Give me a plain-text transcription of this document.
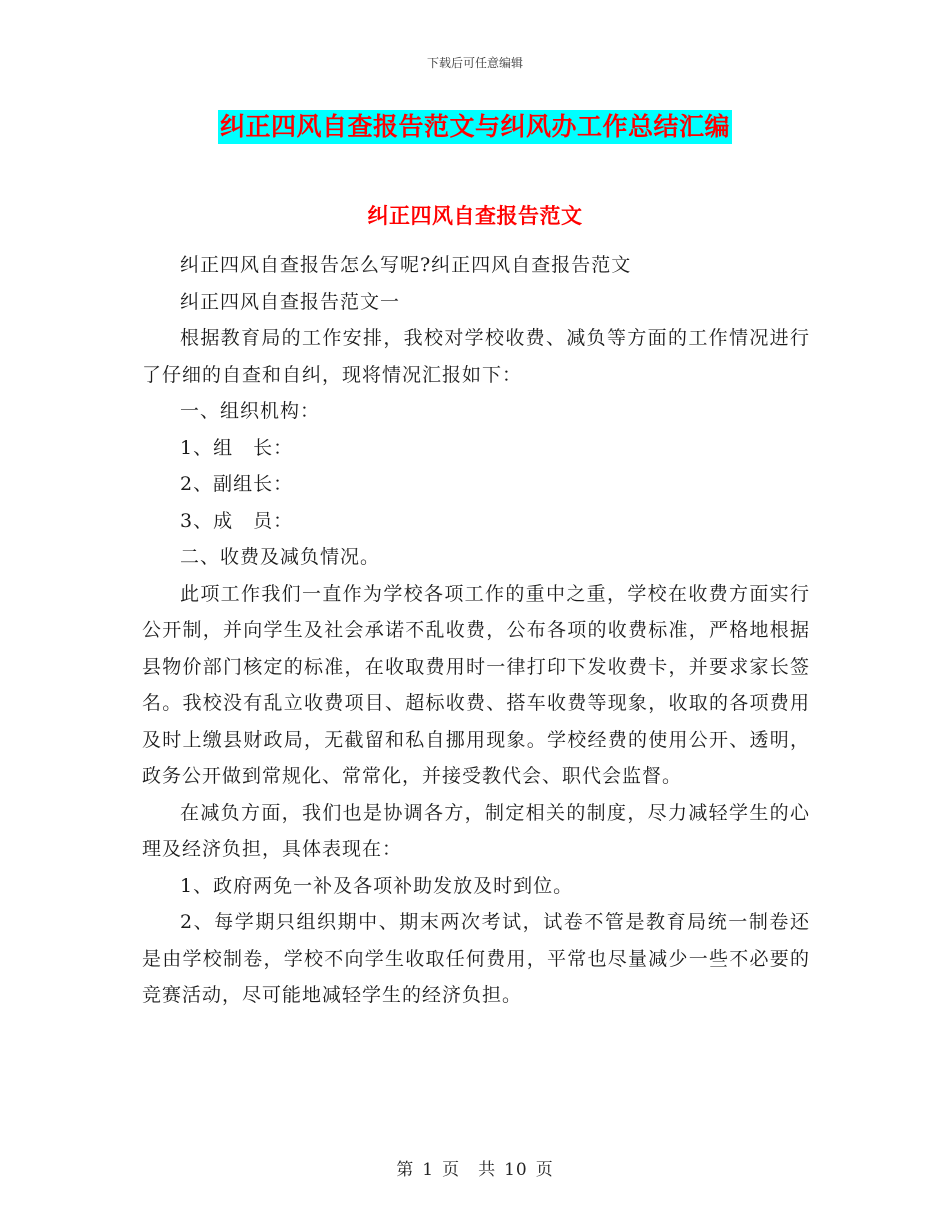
下载后可任意编辑
纠正四风自查报告范文与纠风办工作总结汇编
纠正四风自查报告范文

纠正四风自查报告怎么写呢?纠正四风自查报告范文

纠正四风自查报告范文一

根据教育局的工作安排，我校对学校收费、减负等方面的工作情况进行了仔细的自查和自纠，现将情况汇报如下：

一、组织机构：

1、组　长：

2、副组长：

3、成　员：

二、收费及减负情况。

此项工作我们一直作为学校各项工作的重中之重，学校在收费方面实行公开制，并向学生及社会承诺不乱收费，公布各项的收费标准，严格地根据县物价部门核定的标准，在收取费用时一律打印下发收费卡，并要求家长签名。我校没有乱立收费项目、超标收费、搭车收费等现象，收取的各项费用及时上缴县财政局，无截留和私自挪用现象。学校经费的使用公开、透明，政务公开做到常规化、常常化，并接受教代会、职代会监督。

在减负方面，我们也是协调各方，制定相关的制度，尽力减轻学生的心理及经济负担，具体表现在：

1、政府两免一补及各项补助发放及时到位。

2、每学期只组织期中、期末两次考试，试卷不管是教育局统一制卷还是由学校制卷，学校不向学生收取任何费用，平常也尽量减少一些不必要的竞赛活动，尽可能地减轻学生的经济负担。

第 1 页　共 10 页
